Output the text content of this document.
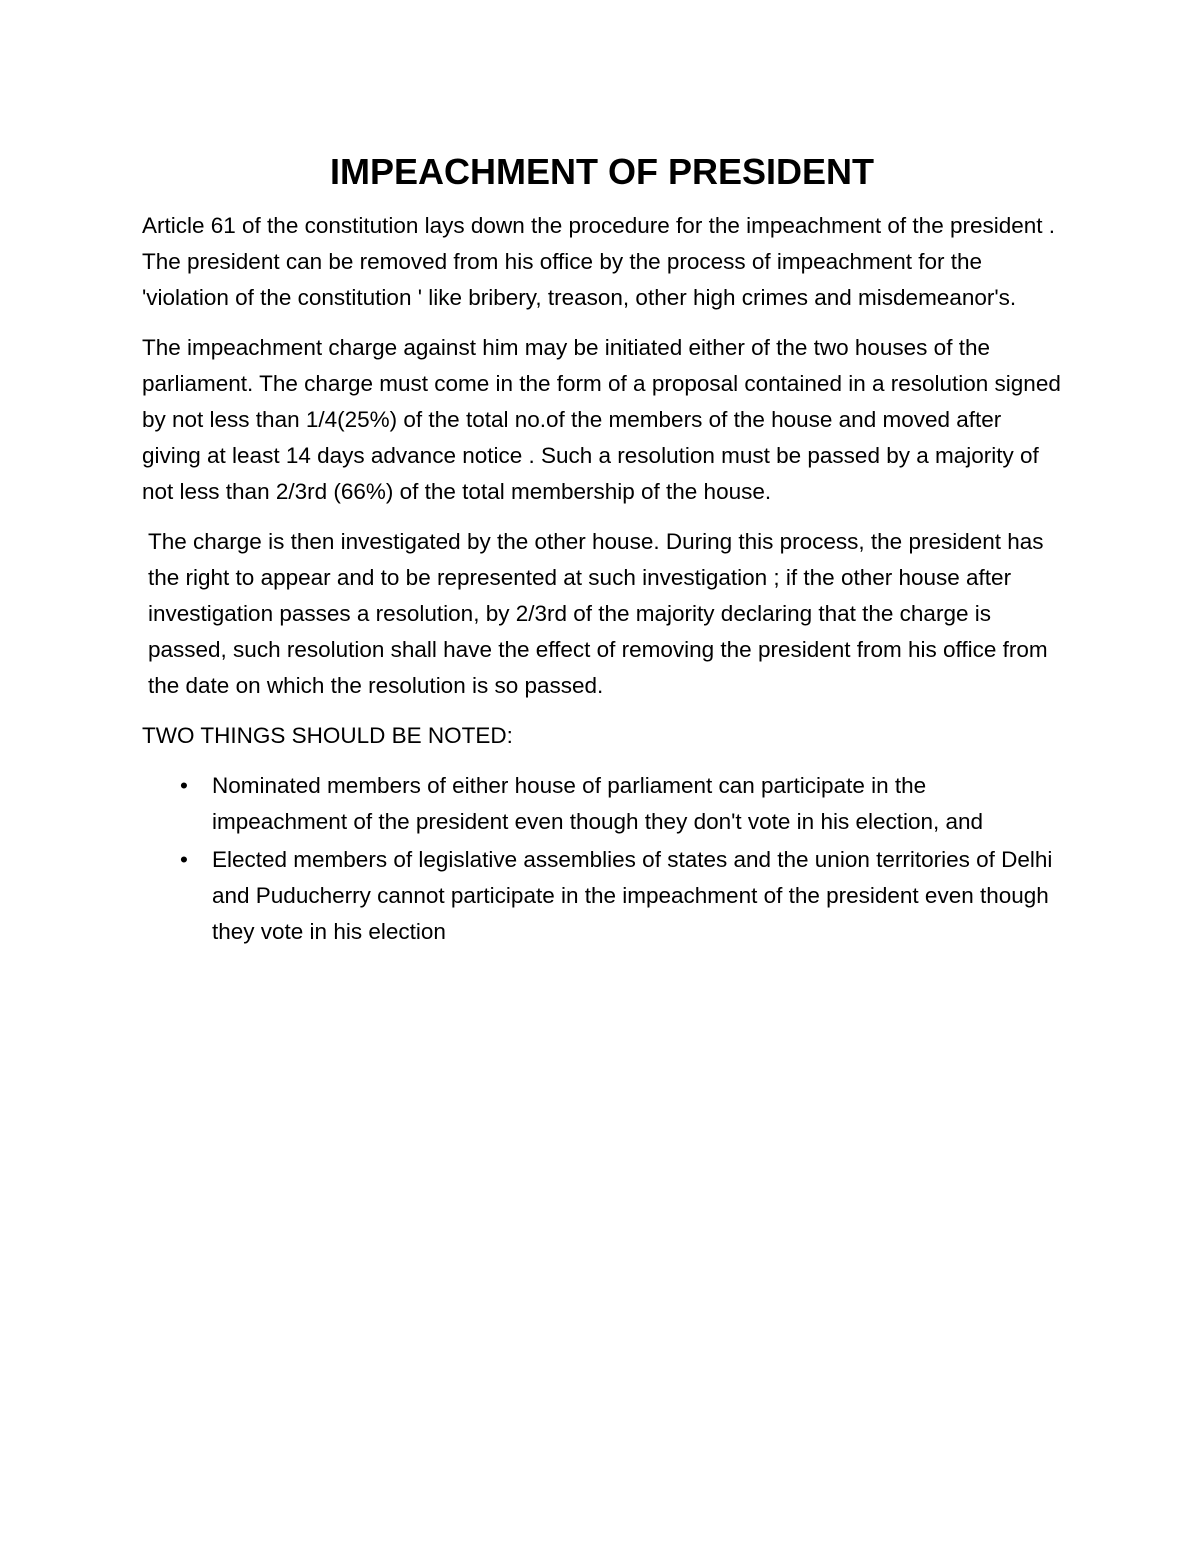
IMPEACHMENT OF PRESIDENT

Article 61 of the constitution lays down the procedure for the impeachment of the president . The president can be removed from his office by the process of impeachment for the 'violation of the constitution ' like bribery, treason, other high crimes and misdemeanor's.

The impeachment charge against him may be initiated either of the two houses of the parliament. The charge must come in the form of a proposal contained in a resolution signed by not less than 1/4(25%) of the total no.of the members of the house and moved after giving at least 14 days advance notice . Such a resolution must be passed by a majority of not less than 2/3rd (66%) of the total membership of the house.

The charge is then investigated by the other house. During this process, the president has the right to appear and to be represented at such investigation ; if the other house after investigation passes a resolution, by 2/3rd of the majority declaring that the charge is passed, such resolution shall have the effect of removing the president from his office from the date on which the resolution is so passed.

TWO THINGS SHOULD BE NOTED:

• Nominated members of either house of parliament can participate in the impeachment of the president even though they don't vote in his election, and
• Elected members of legislative assemblies of states and the union territories of Delhi and Puducherry cannot participate in the impeachment of the president even though they vote in his election
